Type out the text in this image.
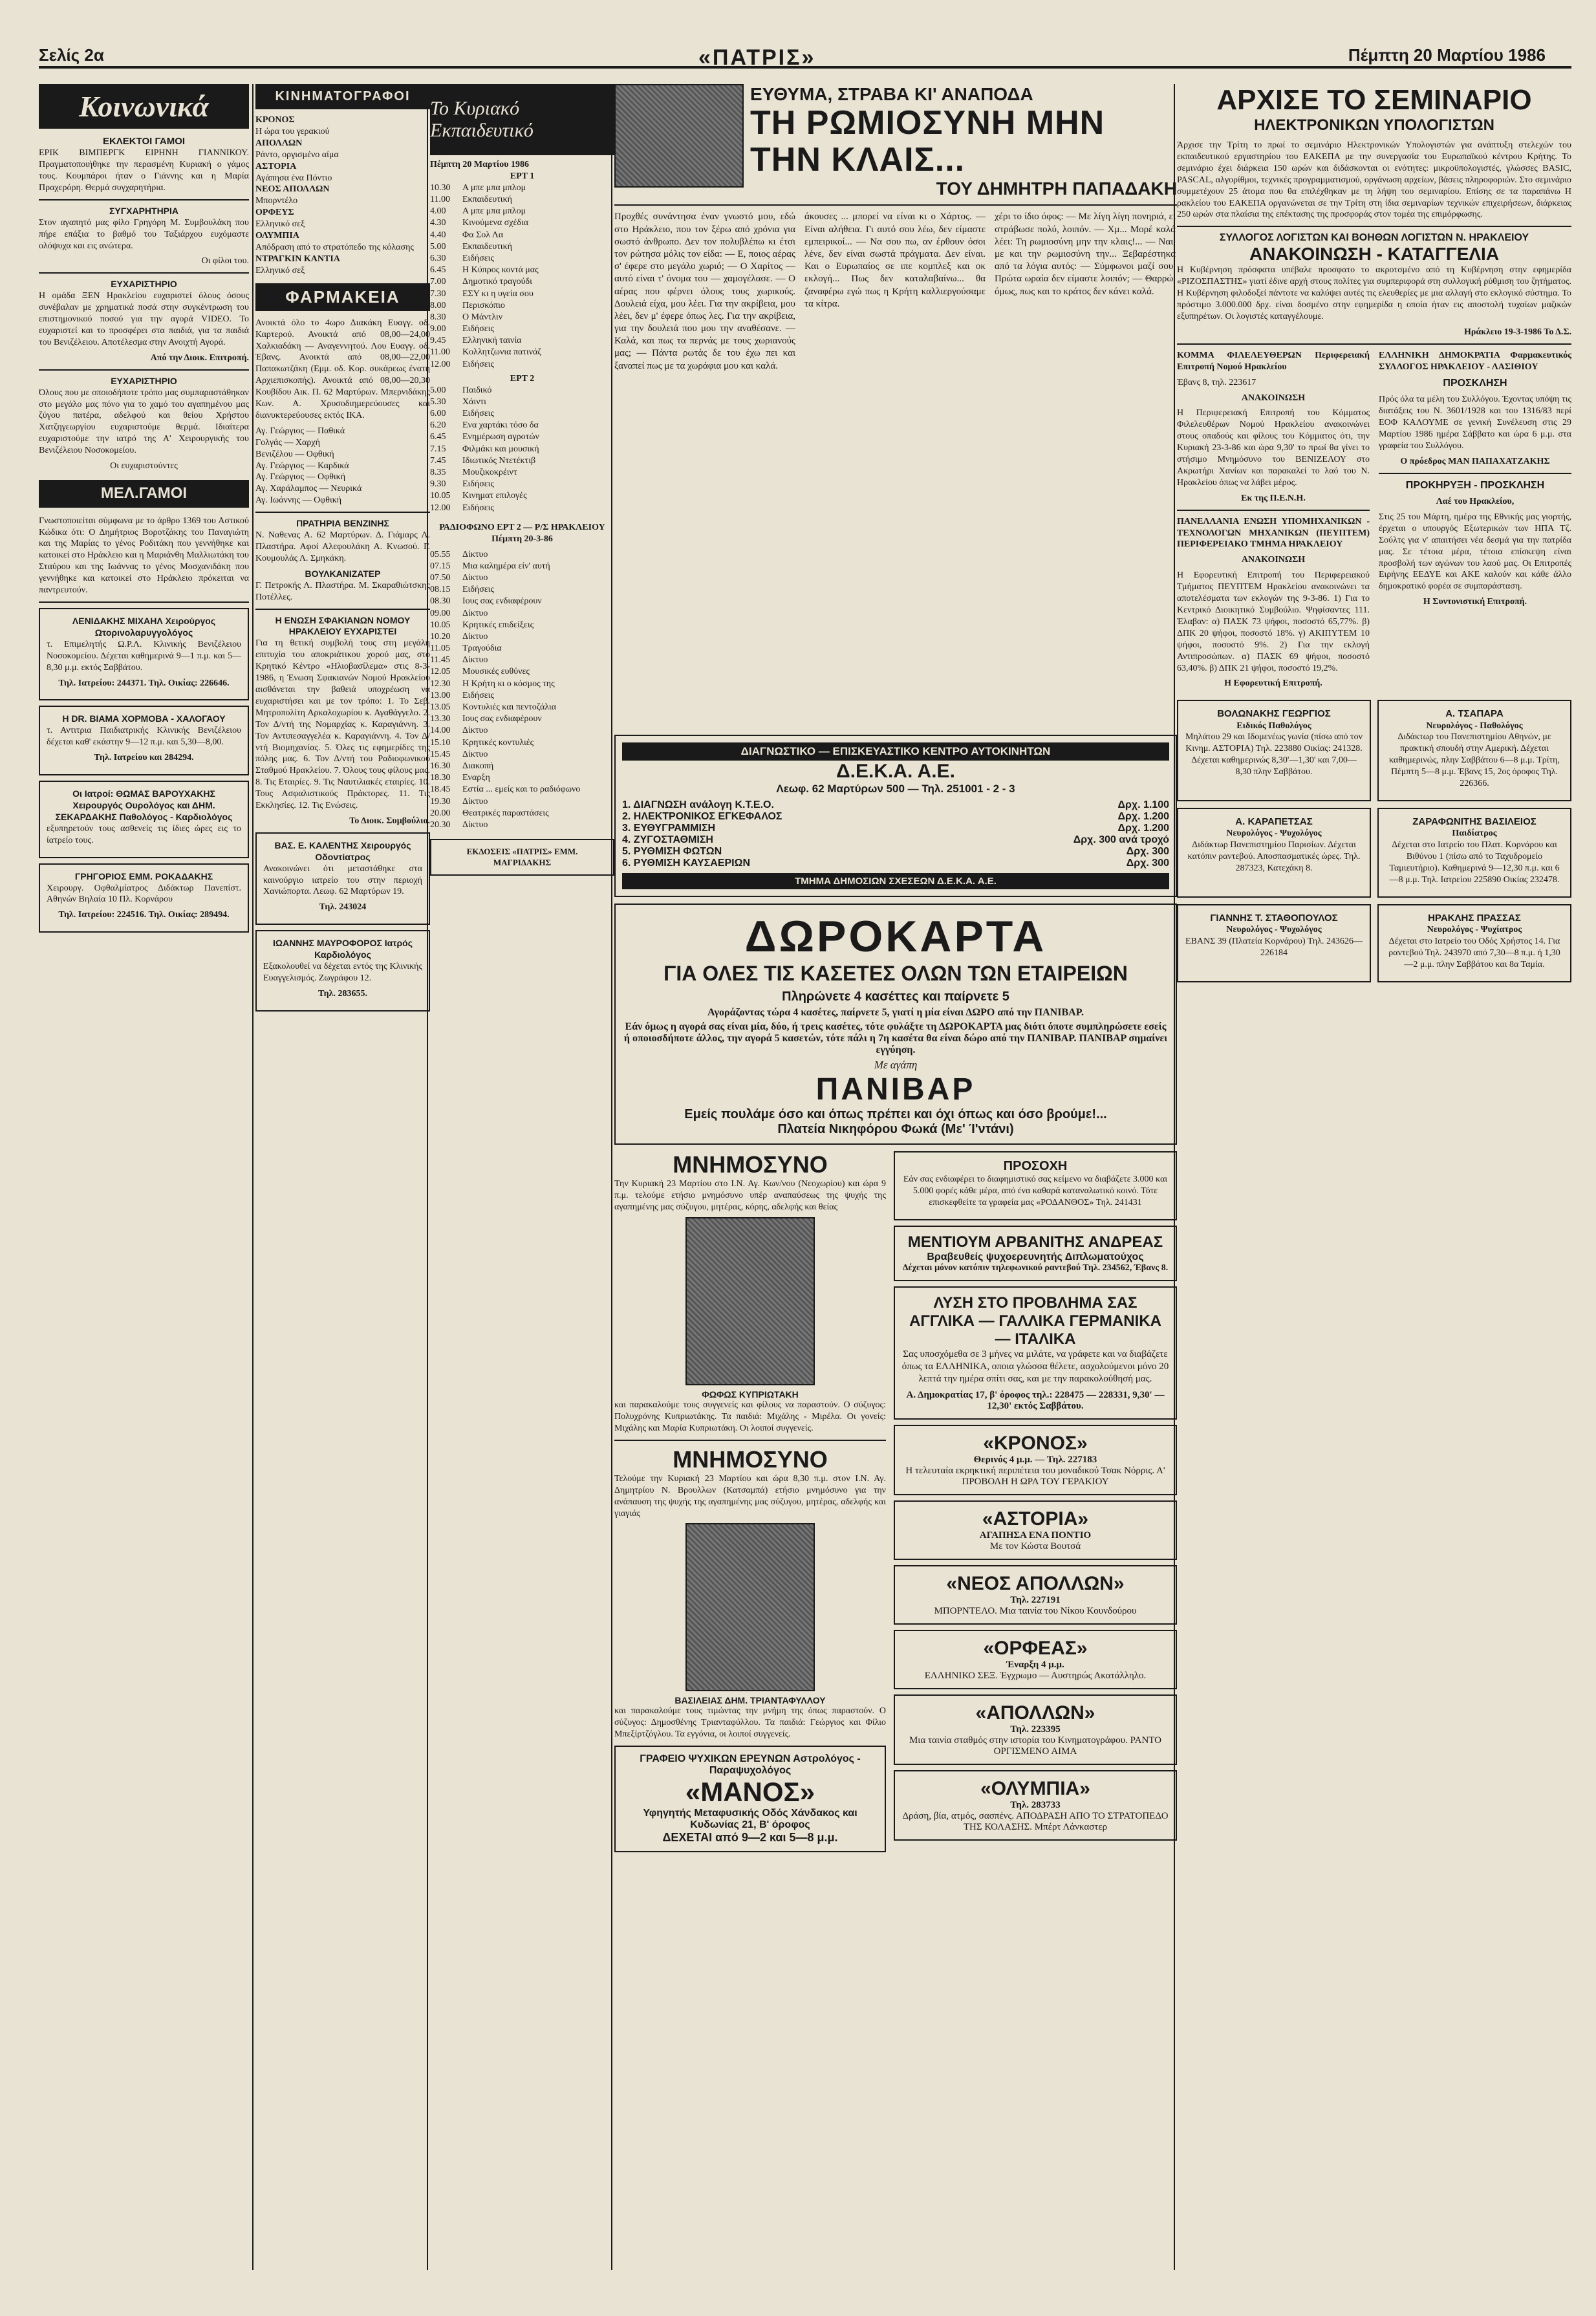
Σελίς 2α	«ΠΑΤΡΙΣ»	Πέμπτη 20 Μαρτίου 1986
Κοινωνικά
ΕΚΛΕΚΤΟΙ ΓΑΜΟΙ

ΕΡΙΚ ΒΙΜΠΕΡΓΚ ΕΙΡΗΝΗ ΓΙΑΝΝΙΚΟΥ. Πραγματοποιήθηκε την περασμένη Κυριακή ο γάμος τους. Κουμπάροι ήταν ο Γιάννης και η Μαρία Πραχερόρη. Θερμά συγχαρητήρια.

ΣΥΓΧΑΡΗΤΗΡΙΑ

Στον αγαπητό μας φίλο Γρηγόρη Μ. Συμβουλάκη που πήρε επάξια το βαθμό του Ταξιάρχου ευχόμαστε ολόψυχα και εις ανώτερα.

Οι φίλοι του.

ΕΥΧΑΡΙΣΤΗΡΙΟ

Η ομάδα ΞΕΝ Ηρακλείου ευχαριστεί όλους όσους συνέβαλαν με χρηματικά ποσά στην συγκέντρωση του επιστημονικού ποσού για την αγορά VIDEO. Το ευχαριστεί και το προσφέρει στα παιδιά, για τα παιδιά του Βενιζέλειου. Αποτέλεσμα στην Ανοιχτή Αγορά.

Από την Διοικ. Επιτροπή.

ΕΥΧΑΡΙΣΤΗΡΙΟ

Όλους που με οποιοδήποτε τρόπο μας συμπαραστάθηκαν στο μεγάλο μας πόνο για το χαμό του αγαπημένου μας ζύγου πατέρα, αδελφού και θείου Χρήστου Χατζηγεωργίου ευχαριστούμε θερμά. Ιδιαίτερα ευχαριστούμε την ιατρό της Α' Χειρουργικής του Βενιζέλειου Νοσοκομείου.

Οι ευχαριστούντες

ΜΕΛ.ΓΑΜΟΙ

Γνωστοποιείται σύμφωνα με το άρθρο 1369 του Αστικού Κώδικα ότι: Ο Δημήτριος Βοροτζάκης του Παναγιώτη και της Μαρίας το γένος Ροδιτάκη που γεννήθηκε και κατοικεί στο Ηράκλειο και η Μαριάνθη Μαλλιωτάκη του Σταύρου και της Ιωάννας το γένος Μοσχανιδάκη που γεννήθηκε και κατοικεί στο Ηράκλειο πρόκειται να παντρευτούν.

ΛΕΝΙΔΑΚΗΣ ΜΙΧΑΗΛ Χειρούργος Ωτορινολαρυγγολόγος

τ. Επιμελητής Ω.Ρ.Λ. Κλινικής Βενιζέλειου Νοσοκομείου. Δέχεται καθημερινά 9—1 π.μ. και 5—8,30 μ.μ. εκτός Σαββάτου.

Τηλ. Ιατρείου: 244371. Τηλ. Οικίας: 226646.

Η DR. ΒΙΑΜΑ ΧΟΡΜΟΒΑ - ΧΑΛΟΓΑΟΥ

τ. Αντιτρια Παιδιατρικής Κλινικής Βενιζέλειου δέχεται καθ' εκάστην 9—12 π.μ. και 5,30—8,00.

Τηλ. Ιατρείου και 284294.

Οι Ιατροί: ΘΩΜΑΣ ΒΑΡΟΥΧΑΚΗΣ Χειρουργός Ουρολόγος και ΔΗΜ. ΣΕΚΑΡΔΑΚΗΣ Παθολόγος - Καρδιολόγος

εξυπηρετούν τους ασθενείς τις ίδιες ώρες εις το ίατρείο τους.

ΓΡΗΓΟΡΙΟΣ ΕΜΜ. ΡΟΚΑΔΑΚΗΣ

Χειρουργ. Οφθαλμίατρος Διδάκτωρ Πανεπίστ. Αθηνών Βηλαία 10 Πλ. Κορνάρου

Τηλ. Ιατρείου: 224516. Τηλ. Οικίας: 289494.

ΚΙΝΗΜΑΤΟΓΡΑΦΟΙ
ΚΡΟΝΟΣ
Η ώρα του γερακιού
ΑΠΟΛΛΩΝ
Ράντο, οργισμένο αίμα
ΑΣΤΟΡΙΑ
Αγάπησα ένα Πόντιο
ΝΕΟΣ ΑΠΟΛΛΩΝ
Μπορντέλο
ΟΡΦΕΥΣ
Ελληνικό σεξ
ΟΛΥΜΠΙΑ
Απόδραση από το στρατόπεδο της κόλασης
ΝΤΡΑΓΚΙΝ ΚΑΝΤΙΑ
Ελληνικό σεξ
ΦΑΡΜΑΚΕΙΑ

Ανοικτά όλο το 4ωρο Διακάκη Ευαγγ. οδ. Καρτερού. Ανοικτά από 08,00—24,00 Χαλκιαδάκη — Αναγεννητού. Λου Ευαγγ. οδ. Έβανς. Ανοικτά από 08,00—22,00 Παπακωτζάκη (Εμμ. οδ. Κορ. συκάρεως ένατη Αρχιεπισκοπής). Ανοικτά από 08,00—20,30 Κουβίδου Αικ. Π. 62 Μαρτύρων. Μπερνιδάκης Κων. Α. Χρυσοδιημερεύουσες και διανυκτερεύουσες εκτός ΙΚΑ.

Αγ. Γεώργιος — Παθικά
Γολγάς — Χαρχή
Βενιζέλου — Οφθική
Αγ. Γεώργιος — Καρδικά
Αγ. Γεώργιος — Οφθική
Αγ. Χαράλαμπος — Νευρικά
Αγ. Ιωάννης — Οφθική
ΠΡΑΤΗΡΙΑ ΒΕΝΖΙΝΗΣ

Ν. Ναθενας Α. 62 Μαρτύρων. Δ. Γιάμαρς Λ. Πλαστήρα. Αφοί Αλεφουλάκη Α. Κνωσού. Γ. Κουμουλάς Λ. Σμηκάκη.

ΒΟΥΛΚΑΝΙΖΑΤΕΡ

Γ. Πετροκής Λ. Πλαστήρα. Μ. Σκαραθιώτσκης Ποτέλλες.

Η ΕΝΩΣΗ ΣΦΑΚΙΑΝΩΝ ΝΟΜΟΥ ΗΡΑΚΛΕΙΟΥ ΕΥΧΑΡΙΣΤΕΙ

Για τη θετική συμβολή τους στη μεγάλη επιτυχία του αποκριάτικου χορού μας, στο Κρητικό Κέντρο «Ηλιοβασίλεμα» στις 8-3-1986, η Ένωση Σφακιανών Νομού Ηρακλείου αισθάνεται την βαθειά υποχρέωση να ευχαριστήσει και με τον τρόπο: 1. Το Σεβ. Μητροπολίτη Αρκαλοχωρίου κ. Αγαθάγγελο. 2. Τον Δ/ντή της Νομαρχίας κ. Καραγιάννη. 3. Τον Αντιπεσαγγελέα κ. Καραγιάννη. 4. Τον Δ/ντή Βιομηχανίας. 5. Όλες τις εφημερίδες της πόλης μας. 6. Τον Δ/ντή του Ραδιοφωνικού Σταθμού Ηρακλείου. 7. Όλους τους φίλους μας. 8. Τις Εταιρίες. 9. Τις Ναυτιλιακές εταιρίες. 10. Τους Ασφαλιστικούς Πράκτορες. 11. Τις Εκκλησίες. 12. Τις Ενώσεις.

Το Διοικ. Συμβούλιο.

ΒΑΣ. Ε. ΚΑΛΕΝΤΗΣ Χειρουργός Οδοντίατρος

Ανακοινώνει ότι μεταστάθηκε στα καινούργιο ιατρείο του στην περιοχή Χανιώπορτα. Λεωφ. 62 Μαρτύρων 19.

Τηλ. 243024

ΙΩΑΝΝΗΣ ΜΑΥΡΟΦΟΡΟΣ Ιατρός Καρδιολόγος

Εξακολουθεί να δέχεται εντός της Κλινικής Ευαγγελισμός. Ζωγράφου 12.

Τηλ. 283655.

Το Κυριακό Εκπαιδευτικό
Πέμπτη 20 Μαρτίου 1986
ΕΡΤ 1
10.30	Α μπε μπα μπλομ
11.00	Εκπαιδευτική
4.00	Α μπε μπα μπλομ
4.30	Κινούμενα σχέδια
4.40	Φα Σολ Λα
5.00	Εκπαιδευτική
6.30	Ειδήσεις
6.45	Η Κύπρος κοντά μας
7.00	Δημοτικό τραγούδι
7.30	ΕΣΥ κι η υγεία σου
8.00	Περισκόπιο
8.30	Ο Μάντλιν
9.00	Ειδήσεις
9.45	Ελληνική ταινία
11.00	Κολλητζωνια πατινάζ
12.00	Ειδήσεις
ΕΡΤ 2
5.00	Παιδικό
5.30	Χάιντι
6.00	Ειδήσεις
6.20	Ενα χαρτάκι τόσο δα
6.45	Ενημέρωση αγροτών
7.15	Φιλμάκι και μουσική
7.45	Ιδιωτικός Ντετέκτιβ
8.35	Μουζικοκρέιντ
9.30	Ειδήσεις
10.05	Κινηματ επιλογές
12.00	Ειδήσεις
ΡΑΔΙΟΦΩΝΟ ΕΡΤ 2 — Ρ/Σ ΗΡΑΚΛΕΙΟΥ Πέμπτη 20-3-86
05.55	Δίκτυο
07.15	Μια καλημέρα είν' αυτή
07.50	Δίκτυο
08.15	Ειδήσεις
08.30	Ιους σας ενδιαφέρουν
09.00	Δίκτυο
10.05	Κρητικές επιδείξεις
10.20	Δίκτυο
11.05	Τραγούδια
11.45	Δίκτυο
12.05	Μουσικές ευθύνες
12.30	Η Κρήτη κι ο κόσμος της
13.00	Ειδήσεις
13.05	Κοντυλιές και πεντοζάλια
13.30	Ιους σας ενδιαφέρουν
14.00	Δίκτυο
15.10	Κρητικές κοντυλιές
15.45	Δίκτυο
16.30	Διακοπή
18.30	Εναρξη
18.45	Εστία ... εμείς και το ραδιόφωνο
19.30	Δίκτυο
20.00	Θεατρικές παραστάσεις
20.30	Δίκτυο
ΕΚΔΟΣΕΙΣ «ΠΑΤΡΙΣ» ΕΜΜ. ΜΑΓΡΙΔΑΚΗΣ
ΕΥΘΥΜΑ, ΣΤΡΑΒΑ ΚΙ' ΑΝΑΠΟΔΑ
ΤΗ ΡΩΜΙΟΣΥΝΗ ΜΗΝ ΤΗΝ ΚΛΑΙΣ...
ΤΟΥ ΔΗΜΗΤΡΗ ΠΑΠΑΔΑΚΗ
Προχθές συνάντησα έναν γνωστό μου, εδώ στο Ηράκλειο, που τον ξέρω από χρόνια για σωστό άνθρωπο. Δεν τον πολυβλέπω κι έτσι τον ρώτησα μόλις τον είδα: — Ε, ποιος αέρας σ' έφερε στο μεγάλο χωριό; — Ο Χαρίτος — αυτό είναι τ' όνομα του — χαμογέλασε. — Ο αέρας που φέρνει όλους τους χωρικούς. Δουλειά είχα, μου λέει. Για την ακρίβεια, μου λέει, δεν μ' έφερε όπως λες. Για την ακρίβεια, για την δουλειά που μου την αναθέσανε. — Καλά, και πως τα περνάς με τους χωριανούς μας; — Πάντα ρωτάς δε του έχω πει και ξαναπεί πως με τα χωράφια μου και καλά.
άκουσες ... μπορεί να είναι κι ο Χάρτος. — Είναι αλήθεια. Γι αυτό σου λέω, δεν είμαστε εμπειρικοί... — Να σου πω, αν έρθουν όσοι λένε, δεν είναι σωστά πράγματα. Δεν είναι. Και ο Ευρωπαίος σε ιπε κομπλεξ και οκ εκλογή... Πως δεν καταλαβαίνω... θα ζαναφέρω εγώ πως η Κρήτη καλλιεργούσαμε τα κίτρα.
χέρι το ίδιο όφος: — Με λίγη λίγη πονηριά, ει στράβωσε πολύ, λοιπόν. — Χμ... Μορέ καλά λέει: Τη ρωμιοσύνη μην την κλαις!... — Ναι, με και την ρωμιοσύνη την... Ξεβαρέστηκα από τα λόγια αυτός: — Σύμφωνοι μαζί σου. Πρώτα ωραία δεν είμαστε λοιπόν; — Θαρρώ, όμως, πως και το κράτος δεν κάνει καλά.
ΔΙΑΓΝΩΣΤΙΚΟ — ΕΠΙΣΚΕΥΑΣΤΙΚΟ ΚΕΝΤΡΟ ΑΥΤΟΚΙΝΗΤΩΝ
Δ.Ε.Κ.Α. Α.Ε.
Λεωφ. 62 Μαρτύρων 500 — Τηλ. 251001 - 2 - 3
1. ΔΙΑΓΝΩΣΗ ανάλογη Κ.Τ.Ε.Ο.	Δρχ. 1.100
2. ΗΛΕΚΤΡΟΝΙΚΟΣ ΕΓΚΕΦΑΛΟΣ	Δρχ. 1.200
3. ΕΥΘΥΓΡΑΜΜΙΣΗ	Δρχ. 1.200
4. ΖΥΓΟΣΤΑΘΜΙΣΗ	Δρχ. 300 ανά τροχό
5. ΡΥΘΜΙΣΗ ΦΩΤΩΝ	Δρχ. 300
6. ΡΥΘΜΙΣΗ ΚΑΥΣΑΕΡΙΩΝ	Δρχ. 300
ΤΜΗΜΑ ΔΗΜΟΣΙΩΝ ΣΧΕΣΕΩΝ Δ.Ε.Κ.Α. Α.Ε.
ΔΩΡΟΚΑΡΤΑ
ΓΙΑ ΟΛΕΣ ΤΙΣ ΚΑΣΕΤΕΣ ΟΛΩΝ ΤΩΝ ΕΤΑΙΡΕΙΩΝ
Πληρώνετε 4 κασέττες και παίρνετε 5
Αγοράζοντας τώρα 4 κασέτες, παίρνετε 5, γιατί η μία είναι ΔΩΡΟ από την ΠΑΝΙΒΑΡ.
Εάν όμως η αγορά σας είναι μία, δύο, ή τρεις κασέτες, τότε φυλάξτε τη ΔΩΡΟΚΑΡΤΑ μας διότι όποτε συμπληρώσετε εσείς ή οποιοσδήποτε άλλος, την αγορά 5 κασετών, τότε πάλι η 7η κασέτα θα είναι δώρο από την ΠΑΝΙΒΑΡ. ΠΑΝΙΒΑΡ σημαίνει εγγύηση.
Με αγάπη
ΠΑΝΙΒΑΡ
Εμείς πουλάμε όσο και όπως πρέπει και όχι όπως και όσο βρούμε!...
Πλατεία Νικηφόρου Φωκά (Με' Ί'ντάνι)
ΜΝΗΜΟΣΥΝΟ

Την Κυριακή 23 Μαρτίου στο Ι.Ν. Αγ. Κων/νου (Νεοχωρίου) και ώρα 9 π.μ. τελούμε ετήσιο μνημόσυνο υπέρ αναπαύσεως της ψυχής της αγαπημένης μας σύζυγου, μητέρας, κόρης, αδελφής και θείας

ΦΩΦΩΣ ΚΥΠΡΙΩΤΑΚΗ

και παρακαλούμε τους συγγενείς και φίλους να παραστούν. Ο σύζυγος: Πολυχρόνης Κυπριωτάκης. Τα παιδιά: Μιχάλης - Μιρέλα. Οι γονείς: Μιχάλης και Μαρία Κυπριωτάκη. Οι λοιποί συγγενείς.

ΜΝΗΜΟΣΥΝΟ

Τελούμε την Κυριακή 23 Μαρτίου και ώρα 8,30 π.μ. στον Ι.Ν. Αγ. Δημητρίου Ν. Βρουλλων (Κατσαμπά) ετήσιο μνημόσυνο για την ανάπαυση της ψυχής της αγαπημένης μας σύζυγου, μητέρας, αδελφής και γιαγιάς

ΒΑΣΙΛΕΙΑΣ ΔΗΜ. ΤΡΙΑΝΤΑΦΥΛΛΟΥ

και παρακαλούμε τους τιμώντας την μνήμη της όπως παραστούν. Ο σύζυγος: Δημοσθένης Τριανταφύλλου. Τα παιδιά: Γεώργιος και Φίλιο Μπεξίρτζόγλου. Τα εγγόνια, οι λοιποί συγγενείς.

ΓΡΑΦΕΙΟ ΨΥΧΙΚΩΝ ΕΡΕΥΝΩΝ Αστρολόγος - Παραψυχολόγος
«ΜΑΝΟΣ»
Υφηγητής Μεταφυσικής Οδός Χάνδακος και Κυδωνίας 21, Β' όροφος
ΔΕΧΕΤΑΙ από 9—2 και 5—8 μ.μ.
ΠΡΟΣΟΧΗ

Εάν σας ενδιαφέρει το διαφημιστικό σας κείμενο να διαβάζετε 3.000 και 5.000 φορές κάθε μέρα, από ένα καθαρά καταναλωτικό κοινό. Τότε επισκεφθείτε τα γραφεία μας «ΡΟΔΑΝΘΟΣ» Τηλ. 241431

ΜΕΝΤΙΟΥΜ ΑΡΒΑΝΙΤΗΣ ΑΝΔΡΕΑΣ
Βραβευθείς ψυχοερευνητής Διπλωματούχος
Δέχεται μόνον κατόπιν τηλεφωνικού ραντεβού Τηλ. 234562, Έβανς 8.
ΛΥΣΗ ΣΤΟ ΠΡΟΒΛΗΜΑ ΣΑΣ ΑΓΓΛΙΚΑ — ΓΑΛΛΙΚΑ ΓΕΡΜΑΝΙΚΑ — ΙΤΑΛΙΚΑ

Σας υποσχόμεθα σε 3 μήνες να μιλάτε, να γράφετε και να διαβάζετε όπως τα ΕΛΛΗΝΙΚΑ, οποια γλώσσα θέλετε, ασχολούμενοι μόνο 20 λεπτά την ημέρα σπίτι σας, και με την παρακολούθησή μας.

Α. Δημοκρατίας 17, β' όροφος τηλ.: 228475 — 228331, 9,30' — 12,30' εκτός Σαββάτου.
«ΚΡΟΝΟΣ»
Θερινός 4 μ.μ. — Τηλ. 227183
Η τελευταία εκρηκτική περιπέτεια του μοναδικού Τσακ Νόρρις. Α' ΠΡΟΒΟΛΗ Η ΩΡΑ ΤΟΥ ΓΕΡΑΚΙΟΥ
«ΑΣΤΟΡΙΑ»
ΑΓΑΠΗΣΑ ΕΝΑ ΠΟΝΤΙΟ
Με τον Κώστα Βουτσά
«ΝΕΟΣ ΑΠΟΛΛΩΝ»
Τηλ. 227191
ΜΠΟΡΝΤΕΛΟ. Μια ταινία του Νίκου Κουνδούρου
«ΟΡΦΕΑΣ»
Έναρξη 4 μ.μ.
ΕΛΛΗΝΙΚΟ ΣΕΞ. Έγχρωμο — Αυστηρώς Ακατάλληλο.
«ΑΠΟΛΛΩΝ»
Τηλ. 223395
Μια ταινία σταθμός στην ιστορία του Κινηματογράφου. ΡΑΝΤΟ ΟΡΓΙΣΜΕΝΟ ΑΙΜΑ
«ΟΛΥΜΠΙΑ»
Τηλ. 283733
Δράση, βία, ατμός, σασπένς. ΑΠΟΔΡΑΣΗ ΑΠΟ ΤΟ ΣΤΡΑΤΟΠΕΔΟ ΤΗΣ ΚΟΛΑΣΗΣ. Μπέρτ Λάνκαστερ
ΑΡΧΙΣΕ ΤΟ ΣΕΜΙΝΑΡΙΟ
ΗΛΕΚΤΡΟΝΙΚΩΝ ΥΠΟΛΟΓΙΣΤΩΝ

Άρχισε την Τρίτη το πρωί το σεμινάριο Ηλεκτρονικών Υπολογιστών για ανάπτυξη στελεχών του εκπαιδευτικού εργαστηρίου του ΕΑΚΕΠΑ με την συνεργασία του Ευρωπαϊκού κέντρου Κρήτης. Το σεμινάριο έχει διάρκεια 150 ωρών και διδάσκονται οι ενότητες: μικροϋπολογιστές, γλώσσες BASIC, PASCAL, αλγορίθμοι, τεχνικές προγραμματισμού, οργάνωση αρχείων, βάσεις πληροφοριών. Στο σεμινάριο συμμετέχουν 25 άτομα που θα επιλέχθηκαν με τη λήψη του σεμιναρίου. Επίσης σε τα παραπάνω Η ρακλείου του ΕΑΚΕΠΑ οργανώνεται σε την Τρίτη στη ίδια σεμιναρίων τεχνικών επιχειρήσεων, διάρκειας 250 ωρών στα πλαίσια της επέκτασης της προσφοράς στον τομέα της επιμόρφωσης.

ΣΥΛΛΟΓΟΣ ΛΟΓΙΣΤΩΝ ΚΑΙ ΒΟΗΘΩΝ ΛΟΓΙΣΤΩΝ Ν. ΗΡΑΚΛΕΙΟΥ
ΑΝΑΚΟΙΝΩΣΗ - ΚΑΤΑΓΓΕΛΙΑ

Η Κυβέρνηση πρόσφατα υπέβαλε προσφατο το ακροτσμένο από τη Κυβέρνηση στην εφημερίδα «ΡΙΖΟΣΠΑΣΤΗΣ» γιατί έδινε αρχή στους πολίτες για συμπεριφορά στη συλλογική ρύθμιση του ζητήματος. Η Κυβέρνηση φιλοδοξεί πάντοτε να καλύψει αυτές τις ελευθερίες με μια αλλαγή στο εκλογικό σύστημα. Το πρόστιμο 3.000.000 δρχ. είναι δοσμένο στην εφημερίδα η οποία ήταν εις αποστολή τυχαίων μαζικών εξυπηρέτων. Οι λογιστές καταγγέλουμε.

Ηράκλειο 19-3-1986 Το Δ.Σ.

ΚΟΜΜΑ ΦΙΛΕΛΕΥΘΕΡΩΝ Περιφερειακή Επιτροπή Νομού Ηρακλείου

Έβανς 8, τηλ. 223617

ΑΝΑΚΟΙΝΩΣΗ

Η Περιφερειακή Επιτροπή του Κόμματος Φιλελευθέρων Νομού Ηρακλείου ανακοινώνει στους οπαδούς και φίλους του Κόμματος ότι, την Κυριακή 23-3-86 και ώρα 9,30' το πρωί θα γίνει το στήσιμο Μνημόσυνο του ΒΕΝΙΖΕΛΟΥ στο Ακρωτήρι Χανίων και παρακαλεί το λαό του Ν. Ηρακλείου όπως να λάβει μέρος.

Εκ της Π.Ε.Ν.Η.

ΠΑΝΕΛΛΑΝΙΑ ΕΝΩΣΗ ΥΠΟΜΗΧΑΝΙΚΩΝ - ΤΕΧΝΟΛΟΓΩΝ ΜΗΧΑΝΙΚΩΝ (ΠΕΥΠΤΕΜ) ΠΕΡΙΦΕΡΕΙΑΚΟ ΤΜΗΜΑ ΗΡΑΚΛΕΙΟΥ

ΑΝΑΚΟΙΝΩΣΗ

Η Εφορευτική Επιτροπή του Περιφερειακού Τμήματος ΠΕΥΠΤΕΜ Ηρακλείου ανακοινώνει τα αποτελέσματα των εκλογών της 9-3-86. 1) Για το Κεντρικό Διοικητικό Συμβούλιο. Ψηφίσαντες 111. Έλαβαν: α) ΠΑΣΚ 73 ψήφοι, ποσοστό 65,77%. β) ΔΠΚ 20 ψήφοι, ποσοστό 18%. γ) ΑΚΙΠΥΤΕΜ 10 ψήφοι, ποσοστό 9%. 2) Για την εκλογή Αντιπροσώπων. α) ΠΑΣΚ 69 ψήφοι, ποσοστό 63,40%. β) ΔΠΚ 21 ψήφοι, ποσοστό 19,2%.

Η Εφορευτική Επιτροπή.

ΕΛΛΗΝΙΚΗ ΔΗΜΟΚΡΑΤΙΑ Φαρμακευτικός ΣΥΛΛΟΓΟΣ ΗΡΑΚΛΕΙΟΥ - ΛΑΣΙΘΙΟΥ

ΠΡΟΣΚΛΗΣΗ

Πρός όλα τα μέλη του Συλλόγου. Έχοντας υπόψη τις διατάξεις του Ν. 3601/1928 και του 1316/83 περί ΕΟΦ ΚΑΛΟΥΜΕ σε γενική Συνέλευση στις 29 Μαρτίου 1986 ημέρα Σάββατο και ώρα 6 μ.μ. στα γραφεία του Συλλόγου.

Ο πρόεδρος ΜΑΝ ΠΑΠΑΧΑΤΖΑΚΗΣ

ΠΡΟΚΗΡΥΞΗ - ΠΡΟΣΚΛΗΣΗ

Λαέ του Ηρακλείου,

Στις 25 του Μάρτη, ημέρα της Εθνικής μας γιορτής, έρχεται ο υπουργός Εξωτερικών των ΗΠΑ Τζ. Σούλτς για ν' απαιτήσει νέα δεσμά για την πατρίδα μας. Σε τέτοια μέρα, τέτοια επίσκεψη είναι προσβολή των αγώνων του λαού μας. Οι Επιτροπές Ειρήνης ΕΕΔΥΕ και ΑΚΕ καλούν και κάθε άλλο δημοκρατικό φορέα σε συμπαράσταση.

Η Συντονιστική Επιτροπή.

ΒΟΛΩΝΑΚΗΣ ΓΕΩΡΓΙΟΣ
Ειδικός Παθολόγος

Μηλάτου 29 και Ιδομενέως γωνία (πίσω από τον Κινημ. ΑΣΤΟΡΙΑ) Τηλ. 223880 Οικίας: 241328. Δέχεται καθημερινώς 8,30'—1,30' και 7,00—8,30 πλην Σαββάτου.

Α. ΤΣΑΠΑΡΑ
Νευρολόγος - Παθολόγος

Διδάκτωρ του Πανεπιστημίου Αθηνών, με πρακτική σπουδή στην Αμερική. Δέχεται καθημερινώς, πλην Σαββάτου 6—8 μ.μ. Τρίτη, Πέμπτη 5—8 μ.μ. Έβανς 15, 2ος όροφος Τηλ. 226366.

Α. ΚΑΡΑΠΕΤΣΑΣ
Νευρολόγος - Ψυχολόγος

Διδάκτωρ Πανεπιστημίου Παρισίων. Δέχεται κατόπιν ραντεβού. Αποσπασματικές ώρες. Τηλ. 287323, Κατεχάκη 8.

ΖΑΡΑΦΩΝΙΤΗΣ ΒΑΣΙΛΕΙΟΣ
Παιδίατρος

Δέχεται στο Ιατρείο του Πλατ. Κορνάρου και Βιθύνου 1 (πίσω από το Ταχυδρομείο Ταμιευτήριο). Καθημερινά 9—12,30 π.μ. και 6—8 μ.μ. Τηλ. Ιατρείου 225890 Οικίας 232478.

ΓΙΑΝΝΗΣ Τ. ΣΤΑΘΟΠΟΥΛΟΣ
Νευρολόγος - Ψυχολόγος

ΕΒΑΝΣ 39 (Πλατεία Κορνάρου) Τηλ. 243626—226184

ΗΡΑΚΛΗΣ ΠΡΑΣΣΑΣ
Νευρολόγος - Ψυχίατρος

Δέχεται στο Ιατρείο του Οδός Χρήστος 14. Για ραντεβού Τηλ. 243970 από 7,30—8 π.μ. ή 1,30—2 μ.μ. πλην Σαββάτου και 8α Ταμία.
